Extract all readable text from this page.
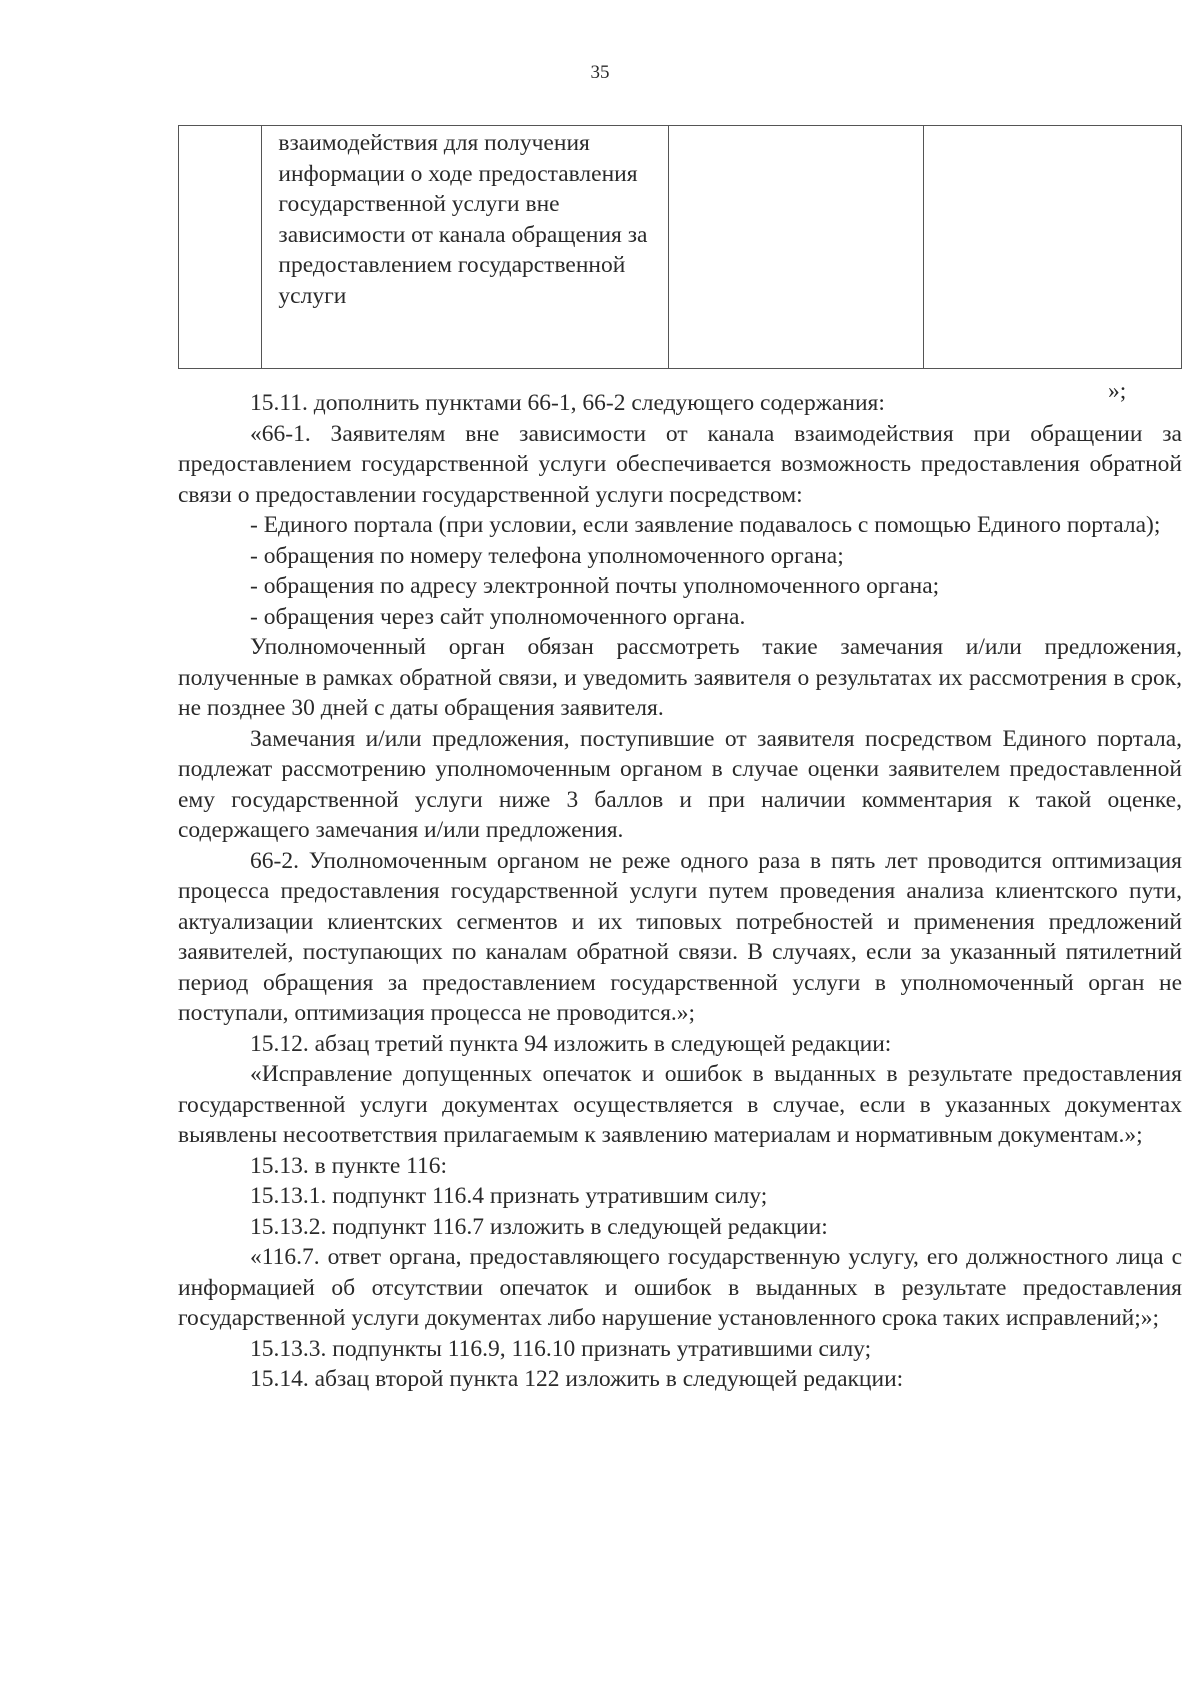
35
	взаимодействия для получения информации о ходе предоставления государственной услуги вне зависимости от канала обращения за предоставлением государственной услуги		
»;

15.11. дополнить пунктами 66-1, 66-2 следующего содержания:

«66-1. Заявителям вне зависимости от канала взаимодействия при обращении за предоставлением государственной услуги обеспечивается возможность предоставления обратной связи о предоставлении государственной услуги посредством:

- Единого портала (при условии, если заявление подавалось с помощью Единого портала);

- обращения по номеру телефона уполномоченного органа;

- обращения по адресу электронной почты уполномоченного органа;

- обращения через сайт уполномоченного органа.

Уполномоченный орган обязан рассмотреть такие замечания и/или предложения, полученные в рамках обратной связи, и уведомить заявителя о результатах их рассмотрения в срок, не позднее 30 дней с даты обращения заявителя.

Замечания и/или предложения, поступившие от заявителя посредством Единого портала, подлежат рассмотрению уполномоченным органом в случае оценки заявителем предоставленной ему государственной услуги ниже 3 баллов и при наличии комментария к такой оценке, содержащего замечания и/или предложения.

66-2. Уполномоченным органом не реже одного раза в пять лет проводится оптимизация процесса предоставления государственной услуги путем проведения анализа клиентского пути, актуализации клиентских сегментов и их типовых потребностей и применения предложений заявителей, поступающих по каналам обратной связи. В случаях, если за указанный пятилетний период обращения за предоставлением государственной услуги в уполномоченный орган не поступали, оптимизация процесса не проводится.»;

15.12. абзац третий пункта 94 изложить в следующей редакции:

«Исправление допущенных опечаток и ошибок в выданных в результате предоставления государственной услуги документах осуществляется в случае, если в указанных документах выявлены несоответствия прилагаемым к заявлению материалам и нормативным документам.»;

15.13. в пункте 116:

15.13.1. подпункт 116.4 признать утратившим силу;

15.13.2. подпункт 116.7 изложить в следующей редакции:

«116.7. ответ органа, предоставляющего государственную услугу, его должностного лица с информацией об отсутствии опечаток и ошибок в выданных в результате предоставления государственной услуги документах либо нарушение установленного срока таких исправлений;»;

15.13.3. подпункты 116.9, 116.10 признать утратившими силу;

15.14. абзац второй пункта 122 изложить в следующей редакции:
